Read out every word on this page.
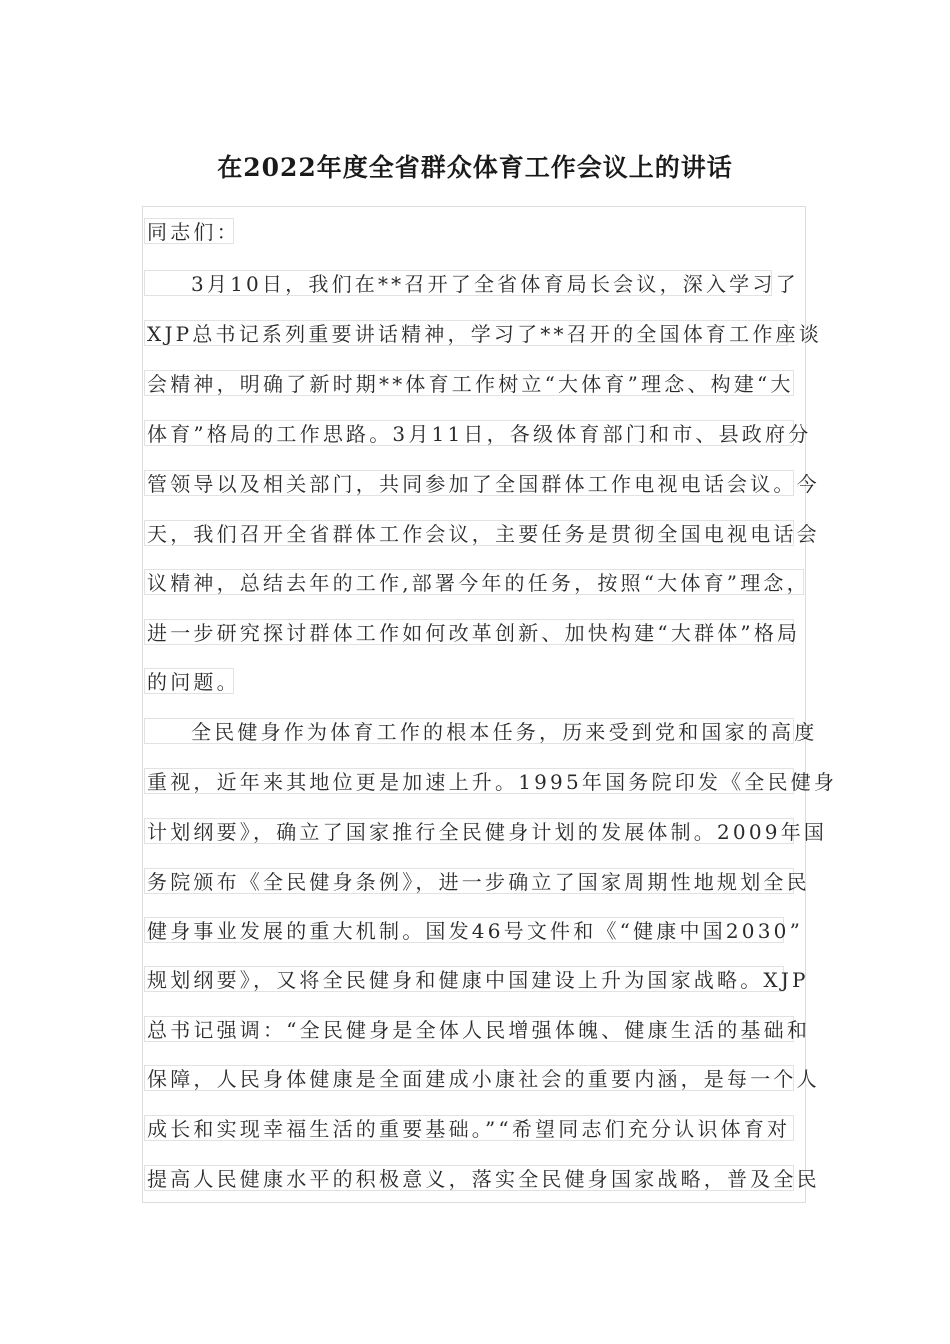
在2022年度全省群众体育工作会议上的讲话
同志们：
3月10日，我们在**召开了全省体育局长会议，深入学习了
XJP总书记系列重要讲话精神，学习了**召开的全国体育工作座谈
会精神，明确了新时期**体育工作树立“大体育”理念、构建“大
体育”格局的工作思路。3月11日，各级体育部门和市、县政府分
管领导以及相关部门，共同参加了全国群体工作电视电话会议。今
天，我们召开全省群体工作会议，主要任务是贯彻全国电视电话会
议精神，总结去年的工作,部署今年的任务，按照“大体育”理念，
进一步研究探讨群体工作如何改革创新、加快构建“大群体”格局
的问题。
全民健身作为体育工作的根本任务，历来受到党和国家的高度
重视，近年来其地位更是加速上升。1995年国务院印发《全民健身
计划纲要》，确立了国家推行全民健身计划的发展体制。2009年国
务院颁布《全民健身条例》，进一步确立了国家周期性地规划全民
健身事业发展的重大机制。国发46号文件和《“健康中国2030”
规划纲要》，又将全民健身和健康中国建设上升为国家战略。XJP
总书记强调：“全民健身是全体人民增强体魄、健康生活的基础和
保障，人民身体健康是全面建成小康社会的重要内涵，是每一个人
成长和实现幸福生活的重要基础。”“希望同志们充分认识体育对
提高人民健康水平的积极意义，落实全民健身国家战略，普及全民
